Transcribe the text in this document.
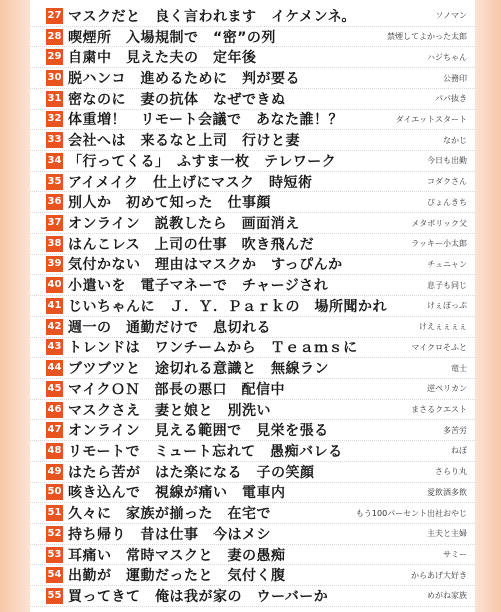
27 マスクだと　良く言われます　イケメンネ。	ソノマン
28 喫煙所　入場規制で　“密”の列	禁煙してよかった太郎
29 自粛中　見えた夫の　定年後	ハジちゃん
30 脱ハンコ　進めるために　判が要る	公務印
31 密なのに　妻の抗体　なぜできぬ	パパ抜き
32 体重増！　リモート会議で　あなた誰！？	ダイエットスタート
33 会社へは　来るなと上司　行けと妻	なかじ
34 「行ってくる」　ふすま一枚　テレワーク	今日も出勤
35 アイメイク　仕上げにマスク　時短術	コダクさん
36 別人か　初めて知った　仕事顔	ぴょんきち
37 オンライン　説教したら　画面消え	メタボリック父
38 はんこレス　上司の仕事　吹き飛んだ	ラッキー小太郎
39 気付かない　理由はマスクか　すっぴんか	チュニャン
40 小遣いを　電子マネーで　チャージされ	息子も同じ
41 じいちゃんに　Ｊ．Ｙ．Ｐａｒｋの　場所聞かれ	けぇぽっぷ
42 週一の　通勤だけで　息切れる	けえぇぇぇぇ
43 トレンドは　ワンチームから　Ｔｅａｍｓに	マイクロそふと
44 ブツブツと　途切れる意識と　無線ラン	竜士
45 マイクＯＮ　部長の悪口　配信中	逆ペリカン
46 マスクさえ　妻と娘と　別洗い	まさるクエスト
47 オンライン　見える範囲で　見栄を張る	多苦労
48 リモートで　ミュート忘れて　愚痴バレる	ねぼ
49 はたら苦が　はた楽になる　子の笑顔	さらり丸
50 咳き込んで　視線が痛い　電車内	愛飲酒多飲
51 久々に　家族が揃った　在宅で	もう100パーセント出社おやじ
52 持ち帰り　昔は仕事　今はメシ	主夫と主婦
53 耳痛い　常時マスクと　妻の愚痴	サミー
54 出勤が　運動だったと　気付く腹	からあげ大好き
55 買ってきて　俺は我が家の　ウーバーか	めがね家族
